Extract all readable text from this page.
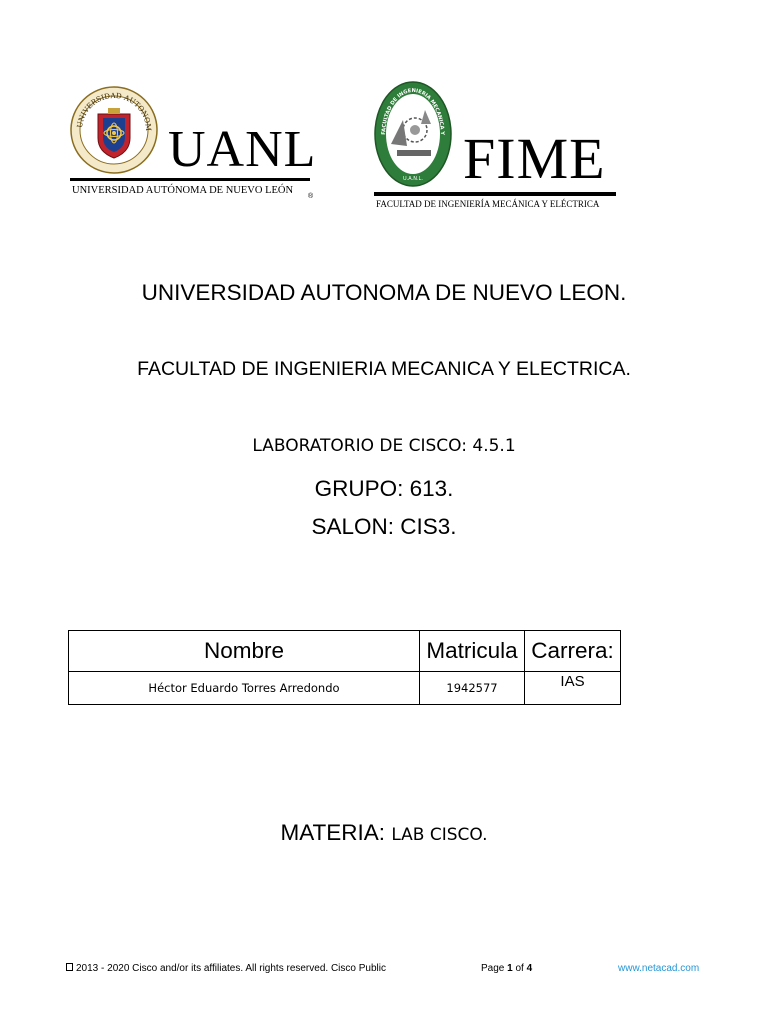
UNIVERSIDAD AUTONOM UANL
UNIVERSIDAD AUTÓNOMA DE NUEVO LEÓN
®
FACULTAD DE INGENIERIA MECANICA Y
U.A.N.L. FIME
FACULTAD DE INGENIERÍA MECÁNICA Y ELÉCTRICA
UNIVERSIDAD AUTONOMA DE NUEVO LEON.
FACULTAD DE INGENIERIA MECANICA Y ELECTRICA.
LABORATORIO DE CISCO: 4.5.1
GRUPO: 613.
SALON: CIS3.
Nombre	Matricula	Carrera:
Héctor Eduardo Torres Arredondo	1942577	IAS
MATERIA: LAB CISCO.
2013 - 2020 Cisco and/or its affiliates. All rights reserved. Cisco Public	Page 1 of 4	www.netacad.com
